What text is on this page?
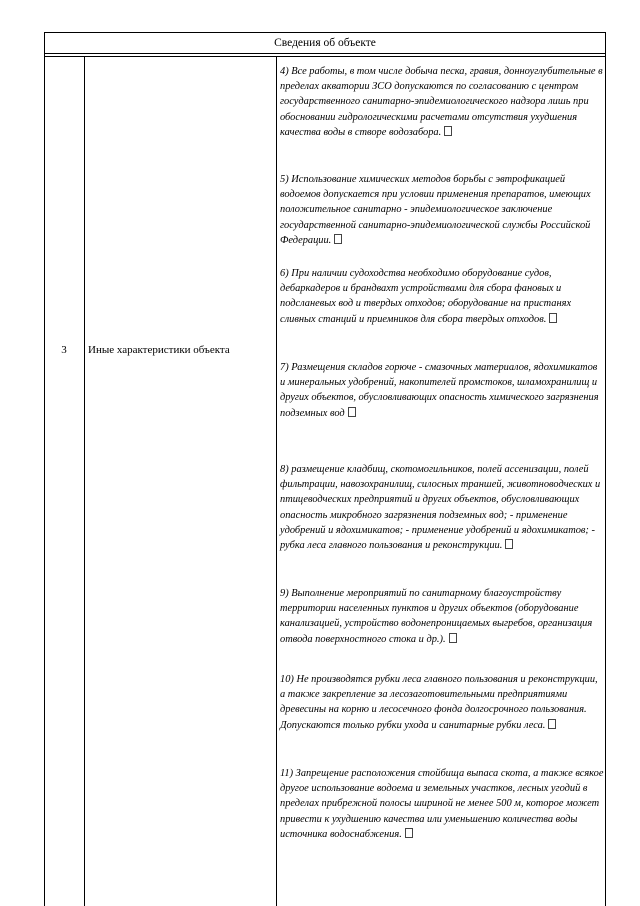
Сведения об объекте
3	Иные характеристики объекта

4) Все работы, в том числе добыча песка, гравия, донноуглубительные в пределах акватории ЗСО допускаются по согласованию с центром государственного санитарно-эпидемиологического надзора лишь при обосновании гидрологическими расчетами отсутствия ухудшения качества воды в створе водозабора.

5) Использование химических методов борьбы с эвтрофикацией водоемов допускается при условии применения препаратов, имеющих положительное санитарно - эпидемиологическое заключение государственной санитарно-эпидемиологической службы Российской Федерации.

6) При наличии судоходства необходимо оборудование судов, дебаркадеров и брандвахт устройствами для сбора фановых и подсланевых вод и твердых отходов; оборудование на пристанях сливных станций и приемников для сбора твердых отходов.

7) Размещения складов горюче - смазочных материалов, ядохимикатов и минеральных удобрений, накопителей промстоков, шламохранилищ и других объектов, обусловливающих опасность химического загрязнения подземных вод

8) размещение кладбищ, скотомогильников, полей ассенизации, полей фильтрации, навозохранилищ, силосных траншей, животноводческих и птицеводческих предприятий и других объектов, обусловливающих опасность микробного загрязнения подземных вод; - применение удобрений и ядохимикатов; - применение удобрений и ядохимикатов; - рубка леса главного пользования и реконструкции.

9) Выполнение мероприятий по санитарному благоустройству территории населенных пунктов и других объектов (оборудование канализацией, устройство водонепроницаемых выгребов, организация отвода поверхностного стока и др.).

10) Не производятся рубки леса главного пользования и реконструкции, а также закрепление за лесозаготовительными предприятиями древесины на корню и лесосечного фонда долгосрочного пользования. Допускаются только рубки ухода и санитарные рубки леса.

11) Запрещение расположения стойбища выпаса скота, а также всякое другое использование водоема и земельных участков, лесных угодий в пределах прибрежной полосы шириной не менее 500 м, которое может привести к ухудшению качества или уменьшению количества воды источника водоснабжения.
